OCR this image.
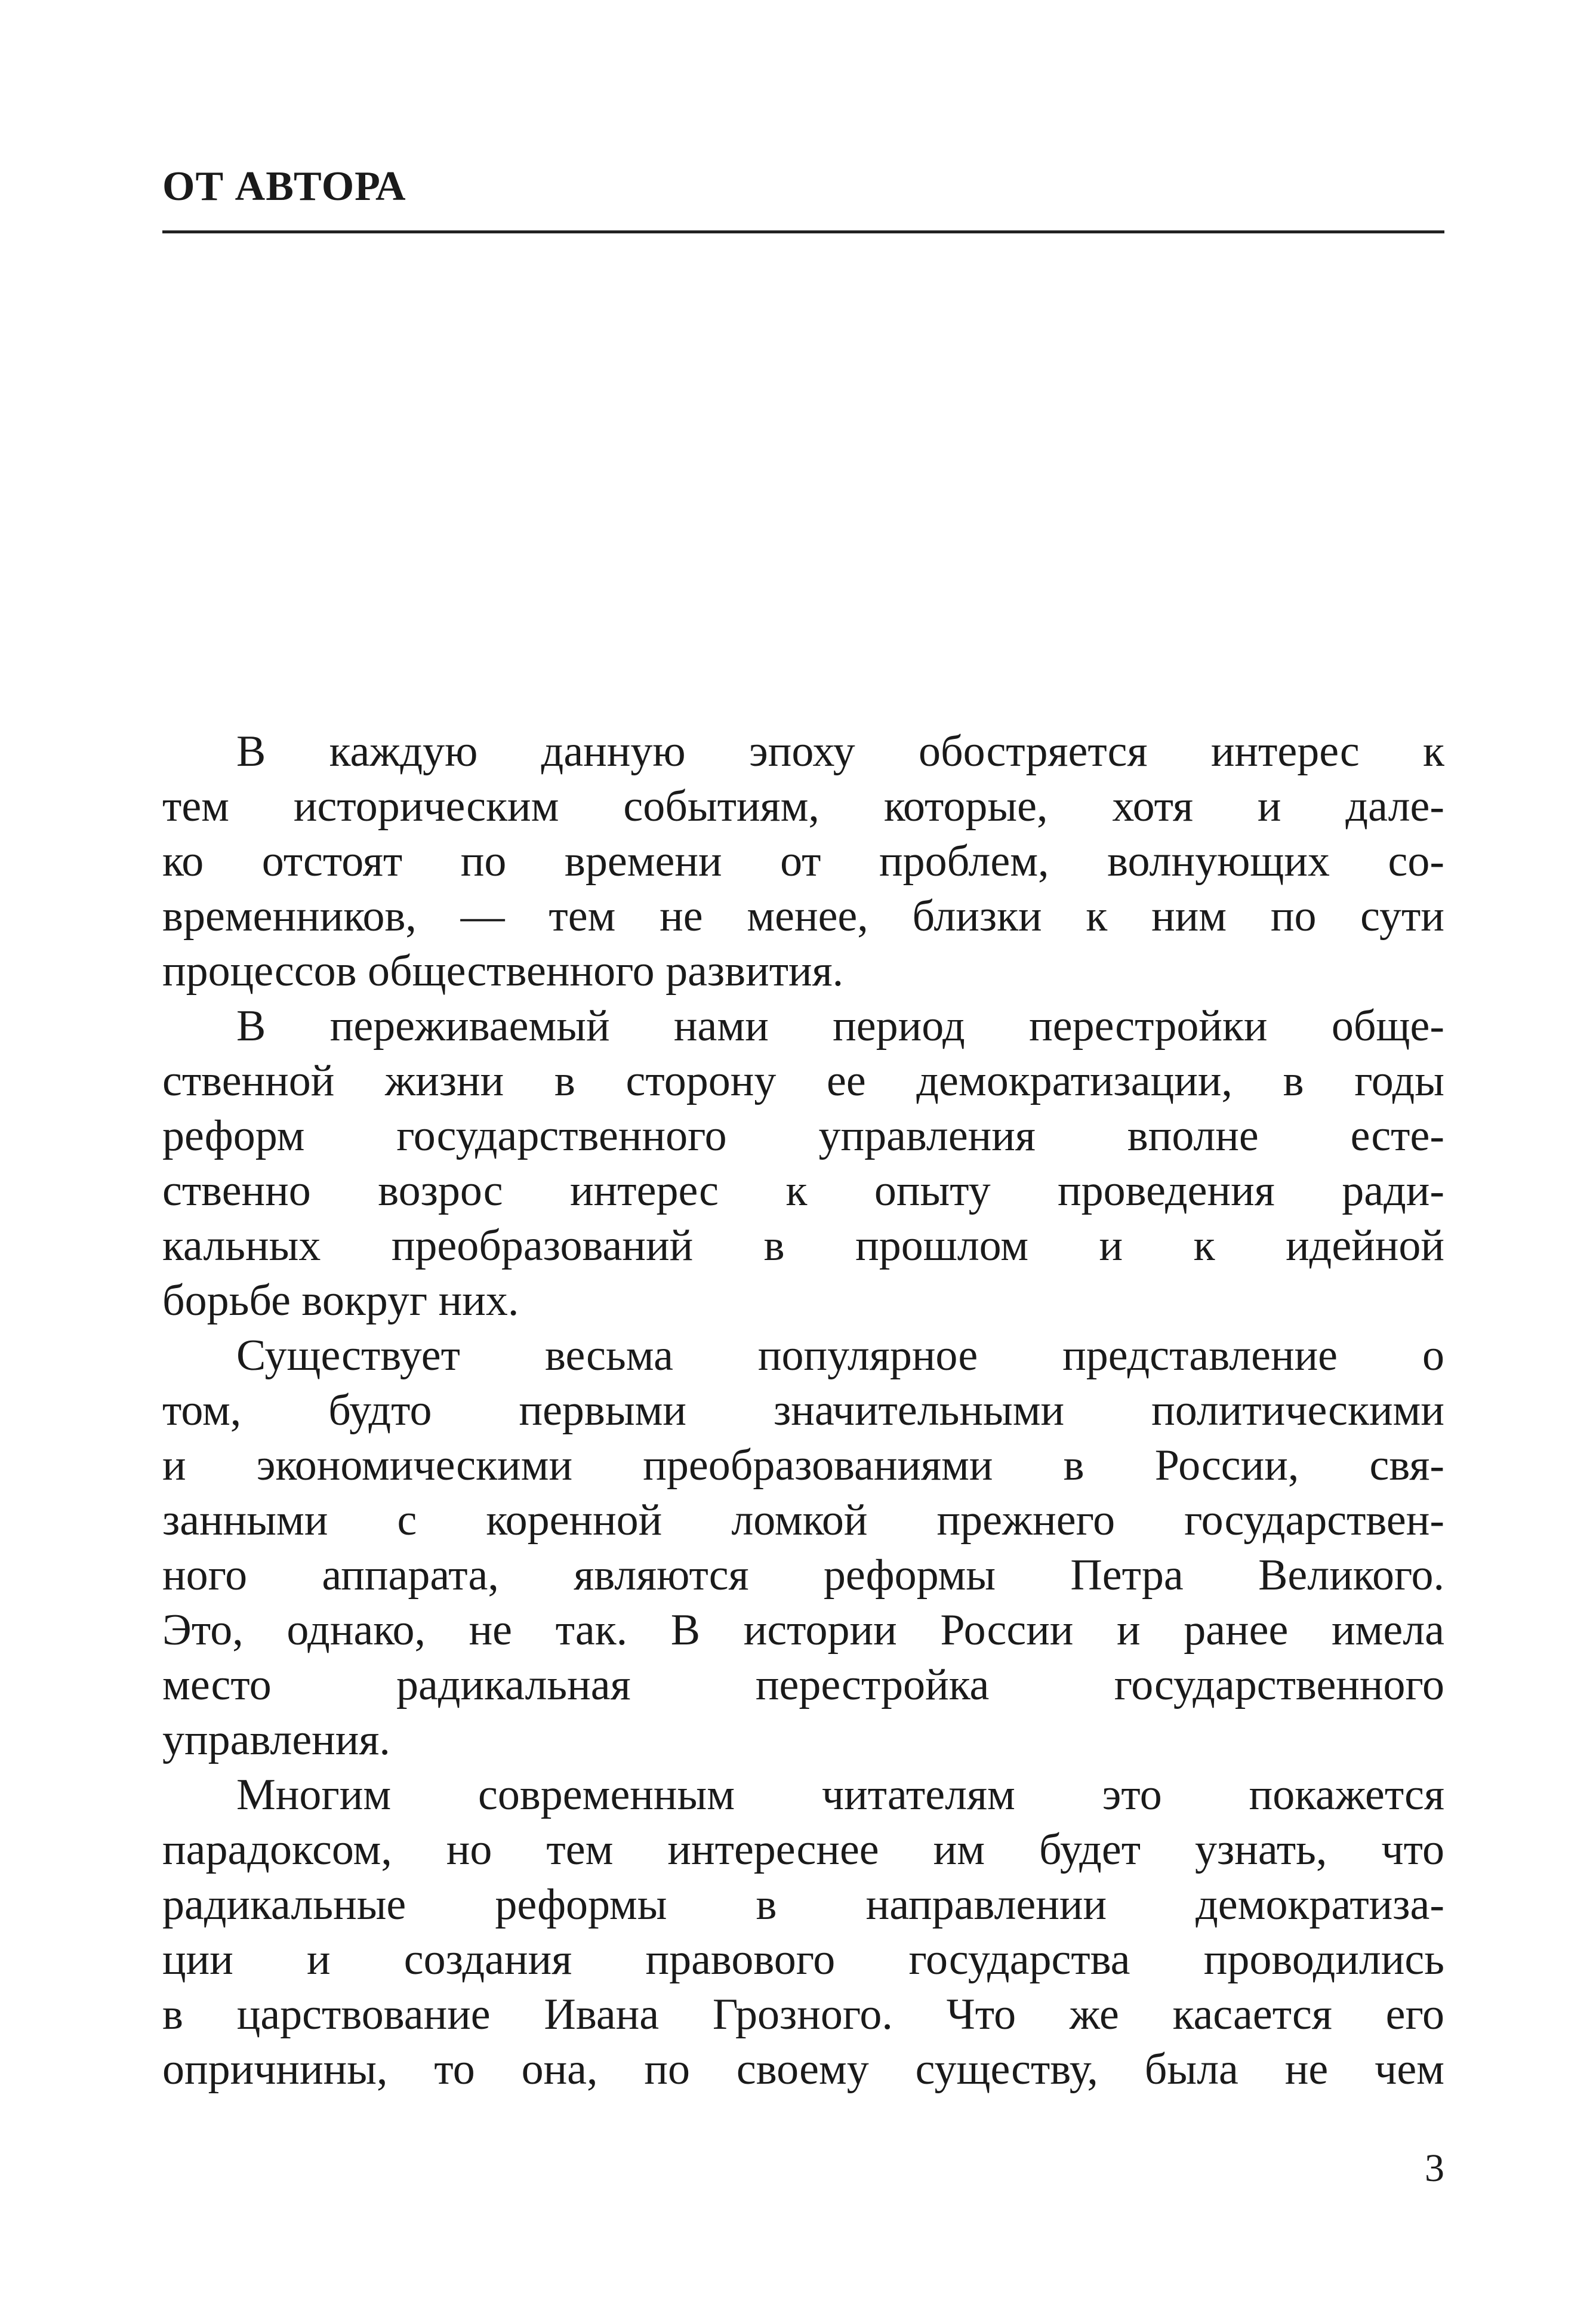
ОТ АВТОРА
В каждую данную эпоху обостряется интерес к
тем историческим событиям, которые, хотя и дале-
ко отстоят по времени от проблем, волнующих со-
временников, — тем не менее, близки к ним по сути
процессов общественного развития.
В переживаемый нами период перестройки обще-
ственной жизни в сторону ее демократизации, в годы
реформ государственного управления вполне есте-
ственно возрос интерес к опыту проведения ради-
кальных преобразований в прошлом и к идейной
борьбе вокруг них.
Существует весьма популярное представление о
том, будто первыми значительными политическими
и экономическими преобразованиями в России, свя-
занными с коренной ломкой прежнего государствен-
ного аппарата, являются реформы Петра Великого.
Это, однако, не так. В истории России и ранее имела
место радикальная перестройка государственного
управления.
Многим современным читателям это покажется
парадоксом, но тем интереснее им будет узнать, что
радикальные реформы в направлении демократиза-
ции и создания правового государства проводились
в царствование Ивана Грозного. Что же касается его
опричнины, то она, по своему существу, была не чем
3
